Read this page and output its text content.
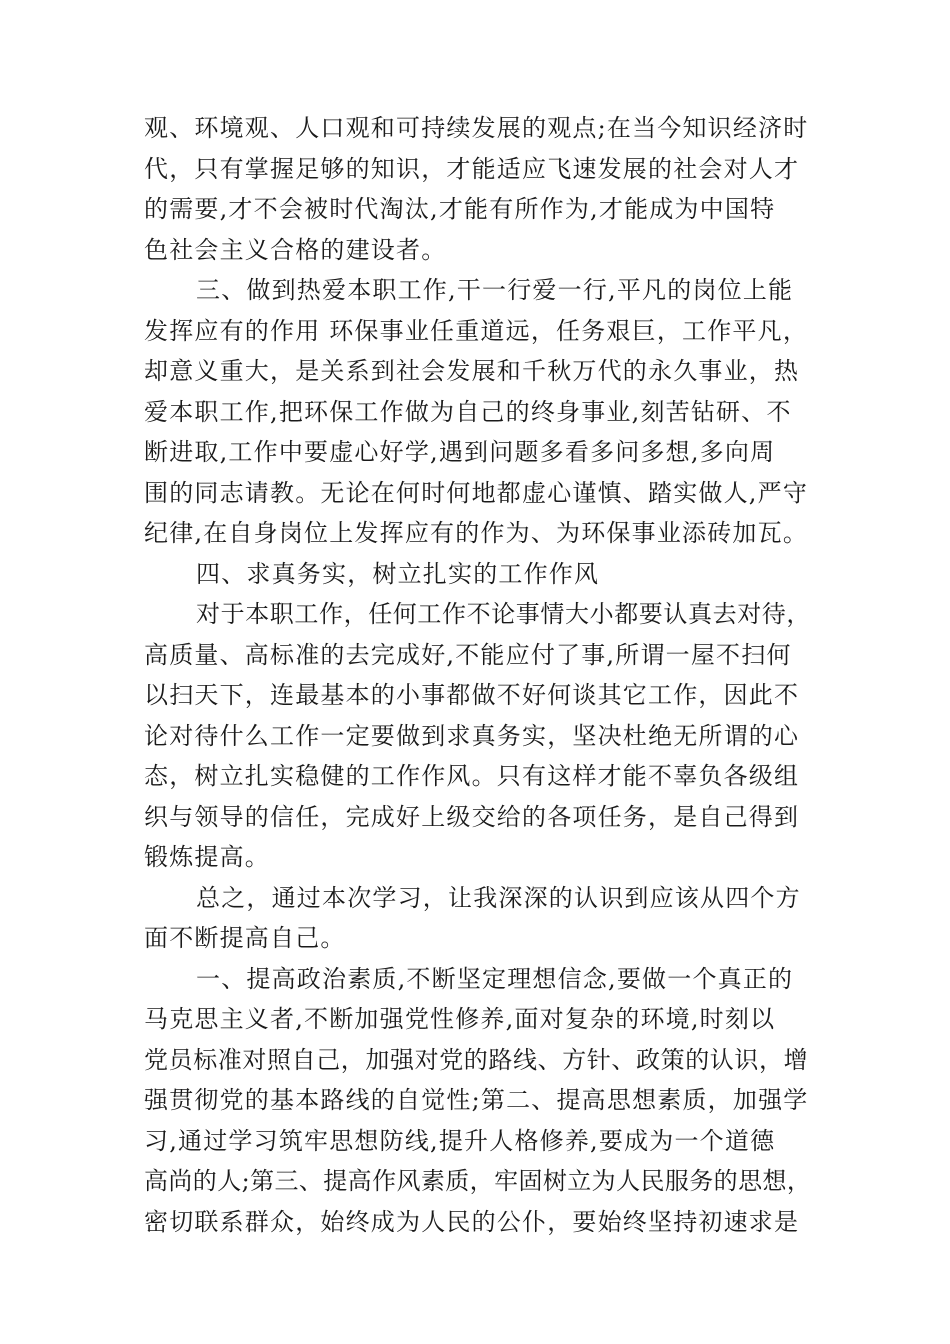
观、环境观、人口观和可持续发展的观点;在当今知识经济时
代，只有掌握足够的知识，才能适应飞速发展的社会对人才
的需要,才不会被时代淘汰,才能有所作为,才能成为中国特
色社会主义合格的建设者。
三、做到热爱本职工作,干一行爱一行,平凡的岗位上能
发挥应有的作用 环保事业任重道远，任务艰巨，工作平凡，
却意义重大，是关系到社会发展和千秋万代的永久事业，热
爱本职工作,把环保工作做为自己的终身事业,刻苦钻研、不
断进取,工作中要虚心好学,遇到问题多看多问多想,多向周
围的同志请教。无论在何时何地都虚心谨慎、踏实做人,严守
纪律,在自身岗位上发挥应有的作为、为环保事业添砖加瓦。
四、求真务实，树立扎实的工作作风
对于本职工作，任何工作不论事情大小都要认真去对待，
高质量、高标准的去完成好,不能应付了事,所谓一屋不扫何
以扫天下，连最基本的小事都做不好何谈其它工作，因此不
论对待什么工作一定要做到求真务实，坚决杜绝无所谓的心
态，树立扎实稳健的工作作风。只有这样才能不辜负各级组
织与领导的信任，完成好上级交给的各项任务，是自己得到
锻炼提高。
总之，通过本次学习，让我深深的认识到应该从四个方
面不断提高自己。
一、提高政治素质,不断坚定理想信念,要做一个真正的
马克思主义者,不断加强党性修养,面对复杂的环境,时刻以
党员标准对照自己，加强对党的路线、方针、政策的认识，增
强贯彻党的基本路线的自觉性;第二、提高思想素质，加强学
习,通过学习筑牢思想防线,提升人格修养,要成为一个道德
高尚的人;第三、提高作风素质，牢固树立为人民服务的思想，
密切联系群众，始终成为人民的公仆，要始终坚持初速求是
